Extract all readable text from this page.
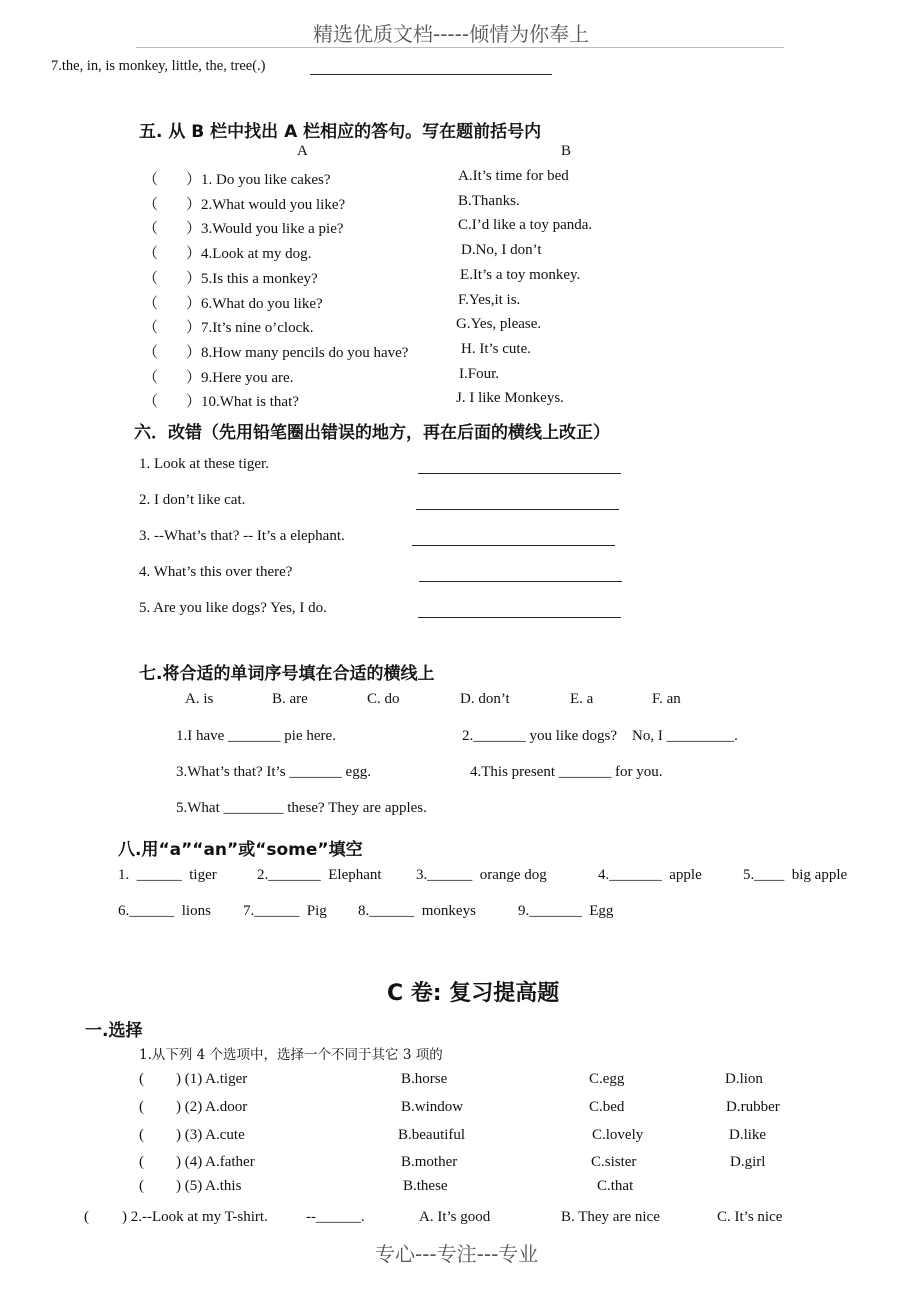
精选优质文档-----倾情为你奉上
7.the, in, is monkey, little, the, tree(.)
五. 从 B 栏中找出 A 栏相应的答句。写在题前括号内
A	B
（ ）1. Do you like cakes?	A.It’s time for bed
（ ）2.What would you like?	B.Thanks.
（ ）3.Would you like a pie?	C.I’d like a toy panda.
（ ）4.Look at my dog.	D.No, I don’t
（ ）5.Is this a monkey?	E.It’s a toy monkey.
（ ）6.What do you like?	F.Yes,it is.
（ ）7.It’s nine o’clock.	G.Yes, please.
（ ）8.How many pencils do you have?	H. It’s cute.
（ ）9.Here you are.	I.Four.
（ ）10.What is that?	J. I like Monkeys.
六．改错（先用铅笔圈出错误的地方，再在后面的横线上改正）
1. Look at these tiger.
2. I don’t like cat.
3. --What’s that? -- It’s a elephant.
4. What’s this over there?
5. Are you like dogs? Yes, I do.
七.将合适的单词序号填在合适的横线上
A. is	B. are	C. do	D. don’t	E. a	F. an
1.I have _______ pie here.	2._______ you like dogs?    No, I _________.
3.What’s that? It’s _______ egg.	4.This present _______ for you.
5.What ________ these? They are apples.
八.用“a”“an”或“some”填空
1.  ______  tiger	2._______  Elephant 3.______  orange dog	4._______  apple	5.____  big apple
6.______  lions 7.______  Pig 8.______  monkeys	9._______  Egg
C 卷: 复习提高题
一.选择
1.从下列 4 个选项中，选择一个不同于其它 3 项的
( ) (1) A.tiger	B.horse	C.egg	D.lion
( ) (2) A.door	B.window	C.bed	D.rubber
( ) (3) A.cute	B.beautiful	C.lovely	D.like
( ) (4) A.father	B.mother	C.sister	D.girl
( ) (5) A.this	B.these	C.that
( ) 2.--Look at my T-shirt.	--______.	A. It’s good	B. They are nice	C. It’s nice
专心---专注---专业
